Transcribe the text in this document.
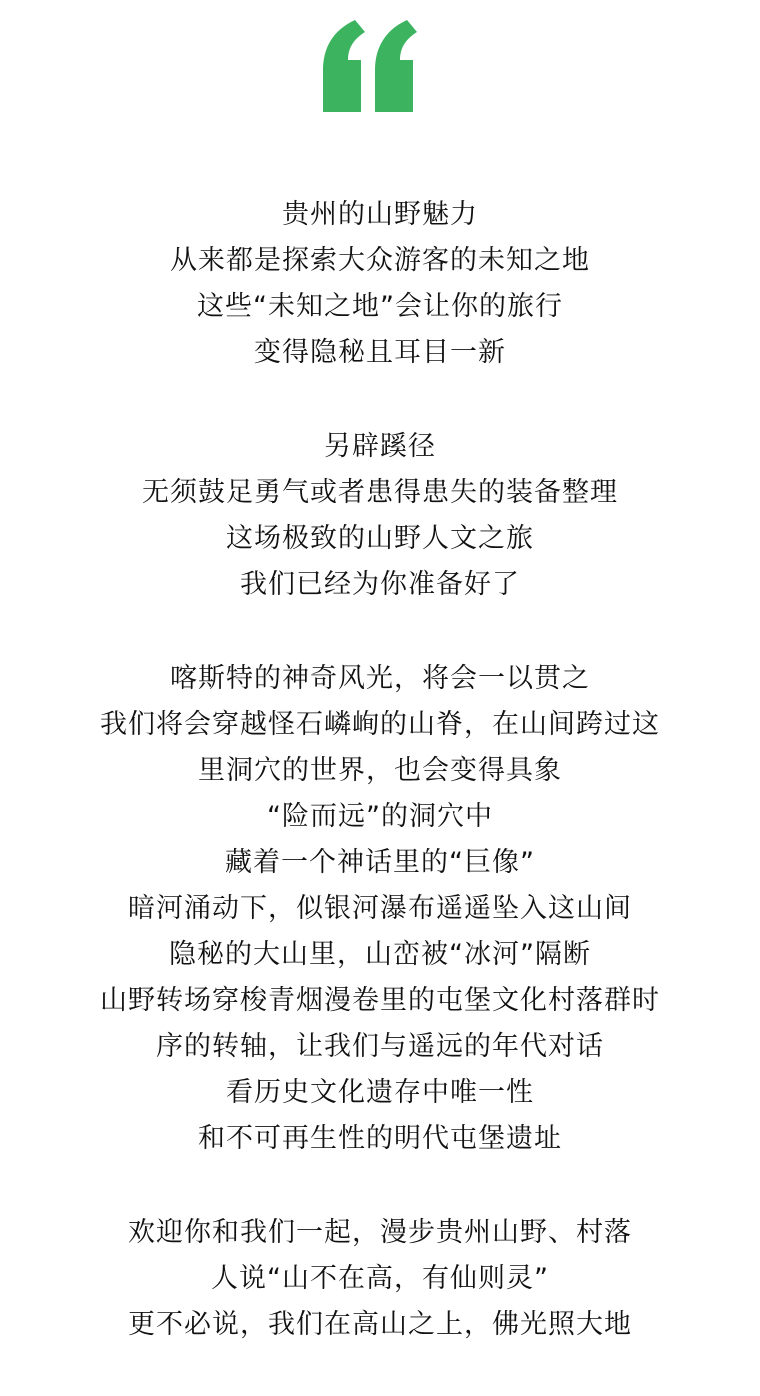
贵州的山野魅力
从来都是探索大众游客的未知之地
这些“未知之地”会让你的旅行
变得隐秘且耳目一新
另辟蹊径
无须鼓足勇气或者患得患失的装备整理
这场极致的山野人文之旅
我们已经为你准备好了
喀斯特的神奇风光，将会一以贯之
我们将会穿越怪石嶙峋的山脊，在山间跨过这
里洞穴的世界，也会变得具象
“险而远”的洞穴中
藏着一个神话里的“巨像”
暗河涌动下，似银河瀑布遥遥坠入这山间
隐秘的大山里，山峦被“冰河”隔断
山野转场穿梭青烟漫卷里的屯堡文化村落群时
序的转轴，让我们与遥远的年代对话
看历史文化遗存中唯一性
和不可再生性的明代屯堡遗址
欢迎你和我们一起，漫步贵州山野、村落
人说“山不在高，有仙则灵”
更不必说，我们在高山之上，佛光照大地
